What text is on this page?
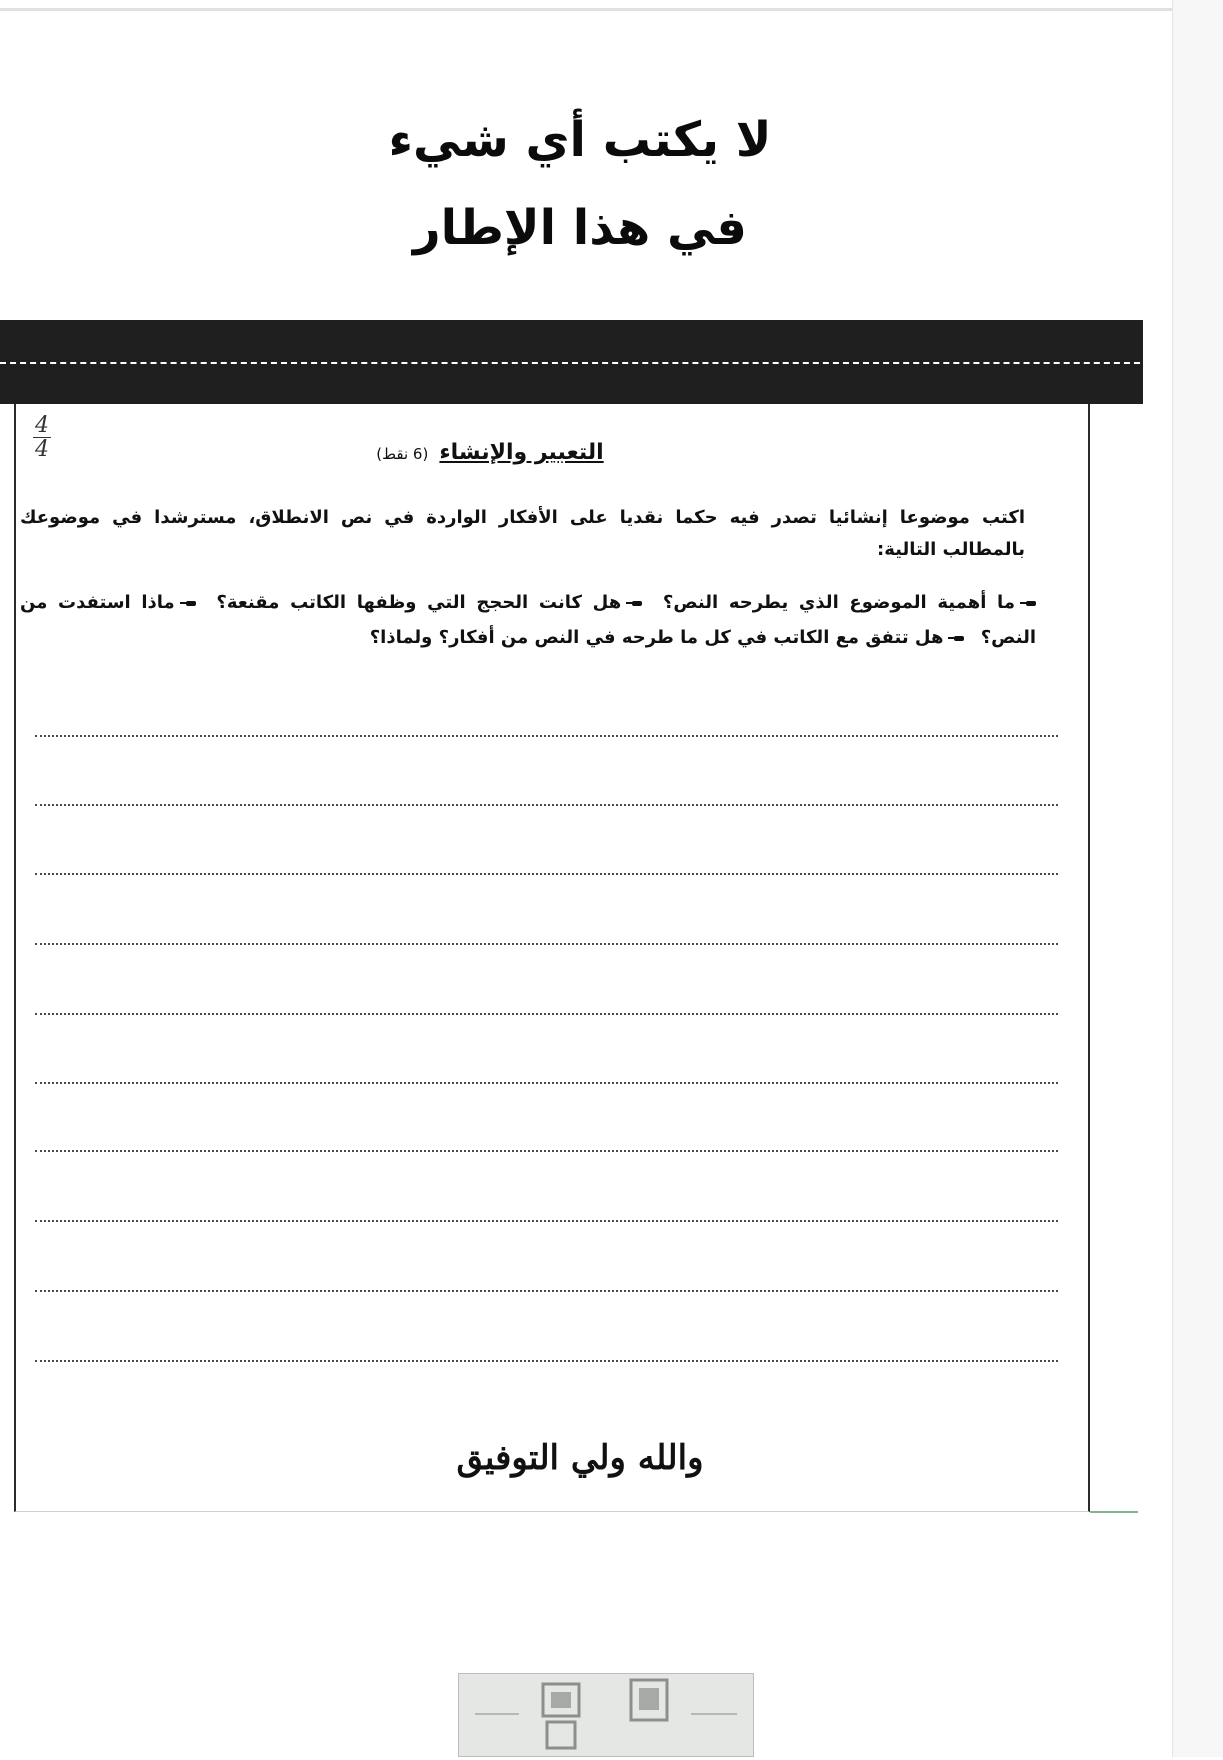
لا يكتب أي شيء
في هذا الإطار
4
4	التعبير والإنشاء (6 نقط)

اكتب موضوعا إنشائيا تصدر فيه حكما نقديا على الأفكار الواردة في نص الانطلاق، مسترشدا في موضوعك بالمطالب التالية:

ما أهمية الموضوع الذي يطرحه النص؟ هل كانت الحجج التي وظفها الكاتب مقنعة؟ ماذا استفدت من النص؟ هل تتفق مع الكاتب في كل ما طرحه في النص من أفكار؟ ولماذا؟

والله ولي التوفيق
